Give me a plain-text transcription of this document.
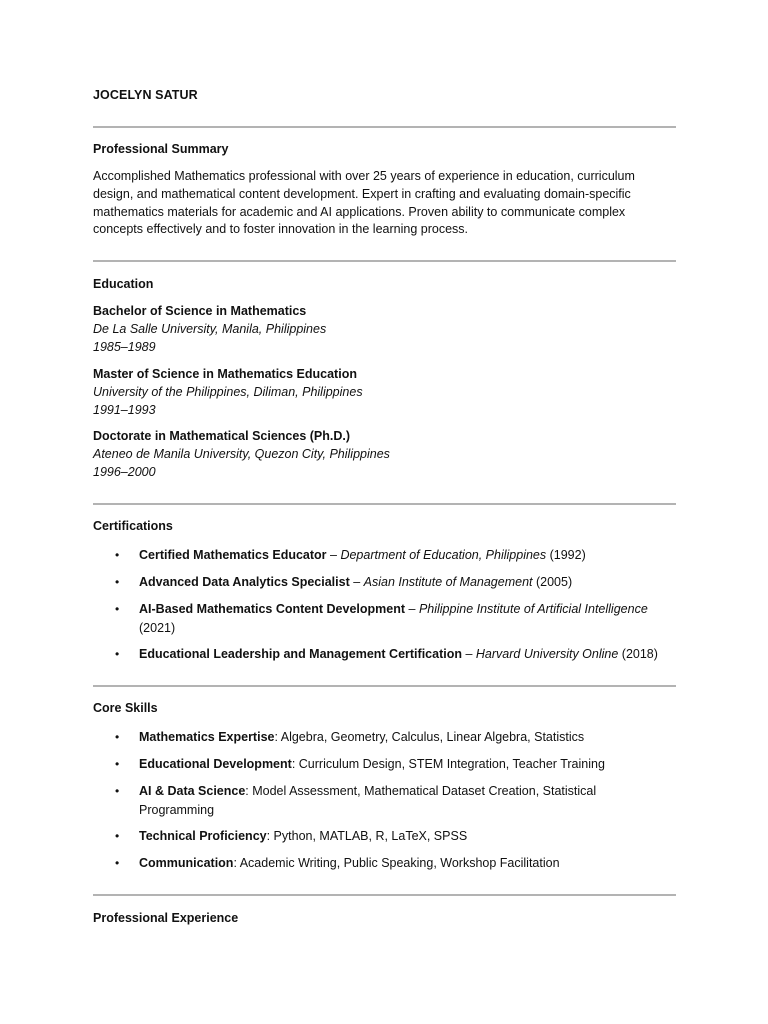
JOCELYN SATUR
Professional Summary
Accomplished Mathematics professional with over 25 years of experience in education, curriculum design, and mathematical content development. Expert in crafting and evaluating domain-specific mathematics materials for academic and AI applications. Proven ability to communicate complex concepts effectively and to foster innovation in the learning process.
Education
Bachelor of Science in Mathematics
De La Salle University, Manila, Philippines
1985–1989
Master of Science in Mathematics Education
University of the Philippines, Diliman, Philippines
1991–1993
Doctorate in Mathematical Sciences (Ph.D.)
Ateneo de Manila University, Quezon City, Philippines
1996–2000
Certifications
• Certified Mathematics Educator – Department of Education, Philippines (1992)
• Advanced Data Analytics Specialist – Asian Institute of Management (2005)
• AI-Based Mathematics Content Development – Philippine Institute of Artificial Intelligence (2021)
• Educational Leadership and Management Certification – Harvard University Online (2018)
Core Skills
• Mathematics Expertise: Algebra, Geometry, Calculus, Linear Algebra, Statistics
• Educational Development: Curriculum Design, STEM Integration, Teacher Training
• AI & Data Science: Model Assessment, Mathematical Dataset Creation, Statistical Programming
• Technical Proficiency: Python, MATLAB, R, LaTeX, SPSS
• Communication: Academic Writing, Public Speaking, Workshop Facilitation
Professional Experience
